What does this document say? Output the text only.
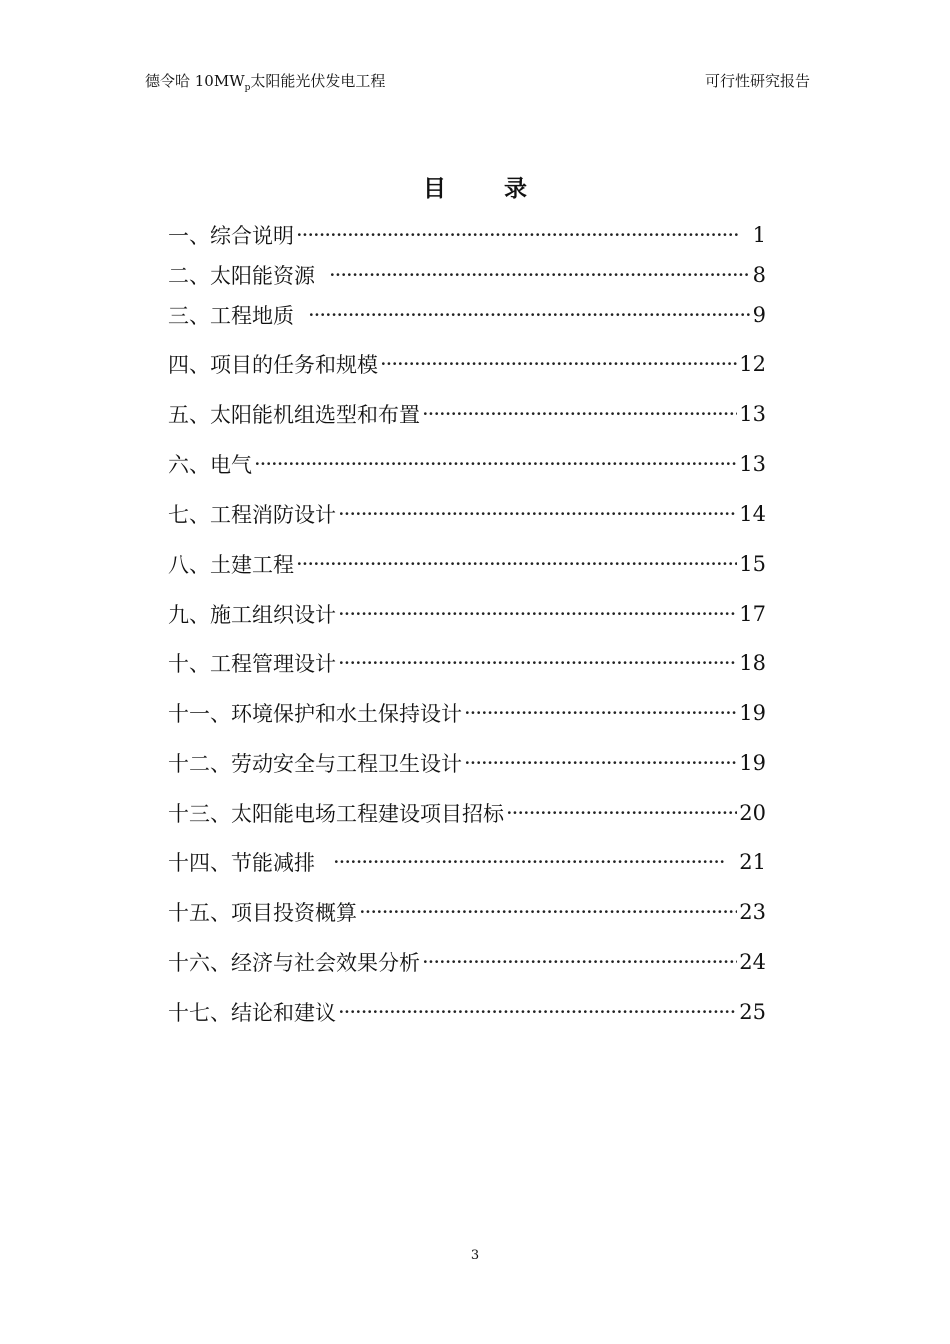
德令哈 $10MW_p$太阳能光伏发电工程	可行性研究报告
目录
一、综合说明 ·····	1
二、太阳能资源 ·····	8
三、工程地质 ·····	9
四、项目的任务和规模 ·····	12
五、太阳能机组选型和布置 ·····	13
六、电气 ·····	13
七、工程消防设计 ·····	14
八、土建工程 ·····	15
九、施工组织设计 ·····	17
十、工程管理设计 ·····	18
十一、环境保护和水土保持设计 ·····	19
十二、劳动安全与工程卫生设计 ·····	19
十三、太阳能电场工程建设项目招标 ·····	20
十四、节能减排 ·····	21
十五、项目投资概算 ·····	23
十六、经济与社会效果分析 ·····	24
十七、结论和建议 ·····	25
3
